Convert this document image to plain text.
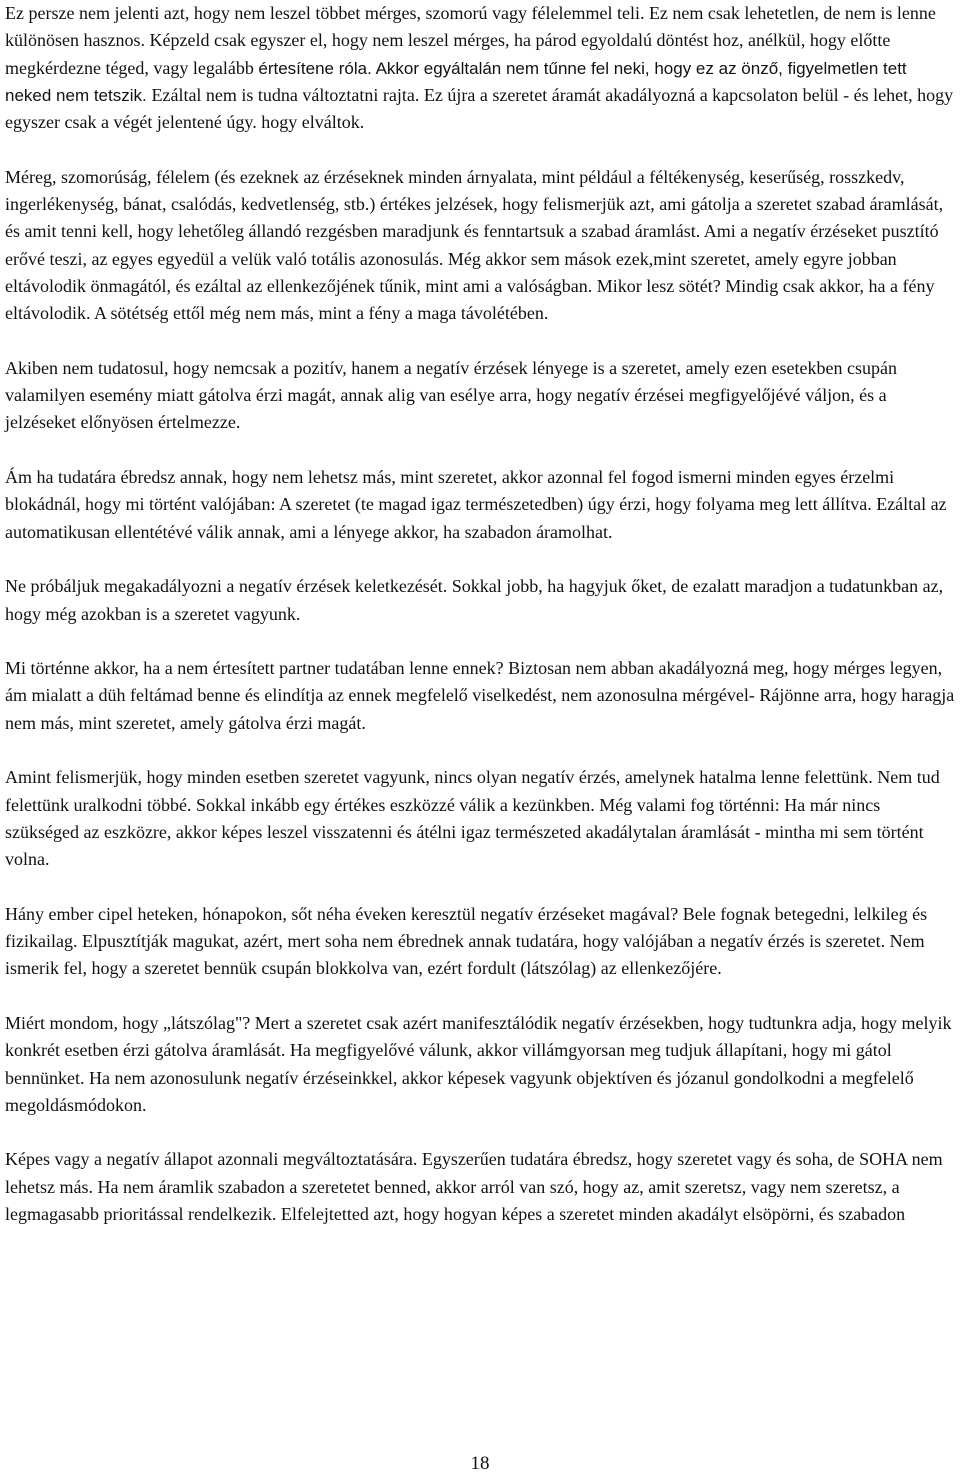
Ez persze nem jelenti azt, hogy nem leszel többet mérges, szomorú vagy félelemmel teli. Ez nem csak lehetetlen, de nem is lenne különösen hasznos. Képzeld csak egyszer el, hogy nem leszel mérges, ha párod egyoldalú döntést hoz, anélkül, hogy előtte megkérdezne téged, vagy legalább értesítene róla. Akkor egyáltalán nem tűnne fel neki, hogy ez az önző, figyelmetlen tett neked nem tetszik. Ezáltal nem is tudna változtatni rajta. Ez újra a szeretet áramát akadályozná a kapcsolaton belül - és lehet, hogy egyszer csak a végét jelentené úgy. hogy elváltok.

Méreg, szomorúság, félelem (és ezeknek az érzéseknek minden árnyalata, mint például a féltékenység, keserűség, rosszkedv, ingerlékenység, bánat, csalódás, kedvetlenség, stb.) értékes jelzések, hogy felismerjük azt, ami gátolja a szeretet szabad áramlását, és amit tenni kell, hogy lehetőleg állandó rezgésben maradjunk és fenntartsuk a szabad áramlást. Ami a negatív érzéseket pusztító erővé teszi, az egyes egyedül a velük való totális azonosulás. Még akkor sem mások ezek,mint szeretet, amely egyre jobban eltávolodik önmagától, és ezáltal az ellenkezőjének tűnik, mint ami a valóságban. Mikor lesz sötét? Mindig csak akkor, ha a fény eltávolodik. A sötétség ettől még nem más, mint a fény a maga távolétében.

Akiben nem tudatosul, hogy nemcsak a pozitív, hanem a negatív érzések lényege is a szeretet, amely ezen esetekben csupán valamilyen esemény miatt gátolva érzi magát, annak alig van esélye arra, hogy negatív érzései megfigyelőjévé váljon, és a jelzéseket előnyösen értelmezze.

Ám ha tudatára ébredsz annak, hogy nem lehetsz más, mint szeretet, akkor azonnal fel fogod ismerni minden egyes érzelmi blokádnál, hogy mi történt valójában: A szeretet (te magad igaz természetedben) úgy érzi, hogy folyama meg lett állítva. Ezáltal az automatikusan ellentétévé válik annak, ami a lényege akkor, ha szabadon áramolhat.

Ne próbáljuk megakadályozni a negatív érzések keletkezését. Sokkal jobb, ha hagyjuk őket, de ezalatt maradjon a tudatunkban az, hogy még azokban is a szeretet vagyunk.

Mi történne akkor, ha a nem értesített partner tudatában lenne ennek? Biztosan nem abban akadályozná meg, hogy mérges legyen, ám mialatt a düh feltámad benne és elindítja az ennek megfelelő viselkedést, nem azonosulna mérgével- Rájönne arra, hogy haragja nem más, mint szeretet, amely gátolva érzi magát.

Amint felismerjük, hogy minden esetben szeretet vagyunk, nincs olyan negatív érzés, amelynek hatalma lenne felettünk. Nem tud felettünk uralkodni többé. Sokkal inkább egy értékes eszközzé válik a kezünkben. Még valami fog történni: Ha már nincs szükséged az eszközre, akkor képes leszel visszatenni és átélni igaz természeted akadálytalan áramlását - mintha mi sem történt volna.

Hány ember cipel heteken, hónapokon, sőt néha éveken keresztül negatív érzéseket magával? Bele fognak betegedni, lelkileg és fizikailag. Elpusztítják magukat, azért, mert soha nem ébrednek annak tudatára, hogy valójában a negatív érzés is szeretet. Nem ismerik fel, hogy a szeretet bennük csupán blokkolva van, ezért fordult (látszólag) az ellenkezőjére.

Miért mondom, hogy „látszólag"? Mert a szeretet csak azért manifesztálódik negatív érzésekben, hogy tudtunkra adja, hogy melyik konkrét esetben érzi gátolva áramlását. Ha megfigyelővé válunk, akkor villámgyorsan meg tudjuk állapítani, hogy mi gátol bennünket. Ha nem azonosulunk negatív érzéseinkkel, akkor képesek vagyunk objektíven és józanul gondolkodni a megfelelő megoldásmódokon.

Képes vagy a negatív állapot azonnali megváltoztatására. Egyszerűen tudatára ébredsz, hogy szeretet vagy és soha, de SOHA nem lehetsz más. Ha nem áramlik szabadon a szeretetet benned, akkor arról van szó, hogy az, amit szeretsz, vagy nem szeretsz, a legmagasabb prioritással rendelkezik. Elfelejtetted azt, hogy hogyan képes a szeretet minden akadályt elsöpörni, és szabadon

18
